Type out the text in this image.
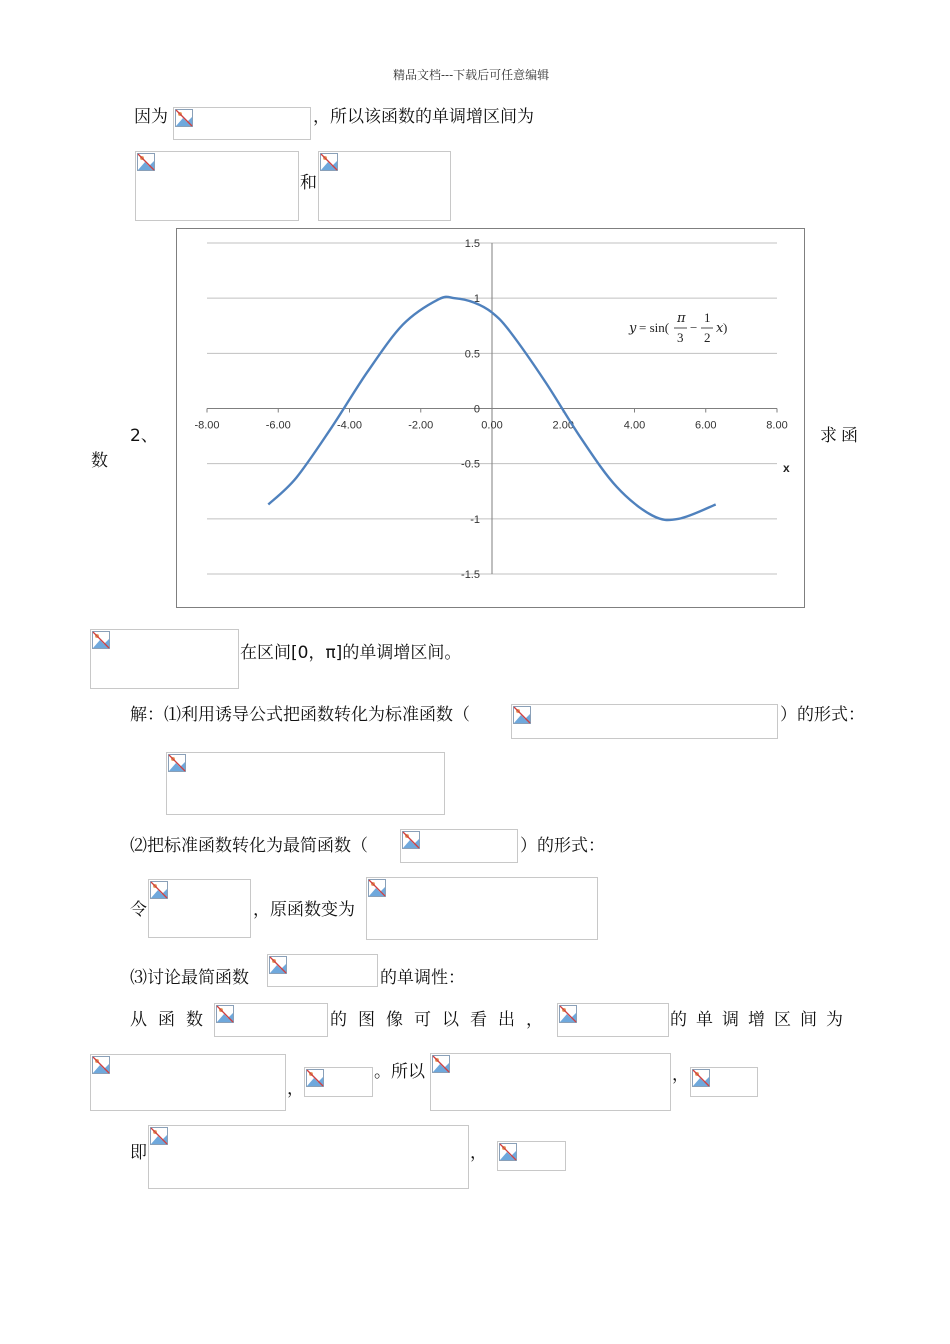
精品文档---下载后可任意编辑
因为	，所以该函数的单调增区间为
和
2、	求函
数
1.5
1
0.5
0
-0.5
-1
-1.5
-8.00	-6.00	-4.00	-2.00	0.00	2.00	4.00	6.00	8.00
x
y = sin(
π
3
−
1
2
x )
在区间[0，π]的单调增区间。
解：⑴利用诱导公式把函数转化为标准函数（	）的形式：
⑵把标准函数转化为最简函数（	）的形式：
令	，原函数变为
⑶讨论最简函数	的单调性：
从函数	的图像可以看出，	的单调增区间为
，
。所以	，
即	，
